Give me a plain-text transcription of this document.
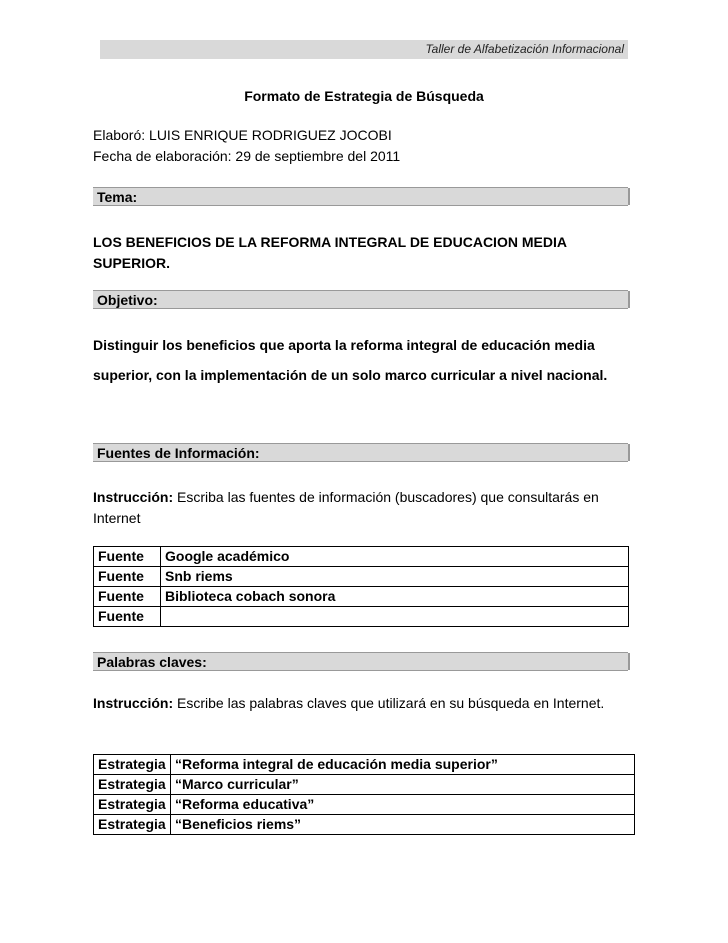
Taller de Alfabetización Informacional
Formato de Estrategia de Búsqueda
Elaboró: LUIS ENRIQUE RODRIGUEZ JOCOBI
Fecha de elaboración: 29 de septiembre del 2011
Tema:
LOS BENEFICIOS DE LA REFORMA INTEGRAL DE EDUCACION MEDIA SUPERIOR.
Objetivo:
Distinguir los beneficios que aporta la reforma integral de educación media superior, con la implementación de un solo marco curricular a nivel nacional.
Fuentes de Información:
Instrucción: Escriba las fuentes de información (buscadores) que consultarás en Internet
Fuente	Google académico
Fuente	Snb riems
Fuente	Biblioteca cobach sonora
Fuente	
Palabras claves:
Instrucción: Escribe las palabras claves que utilizará en su búsqueda en Internet.
Estrategia	“Reforma integral de educación media superior”
Estrategia	“Marco curricular”
Estrategia	“Reforma educativa”
Estrategia	“Beneficios riems”
